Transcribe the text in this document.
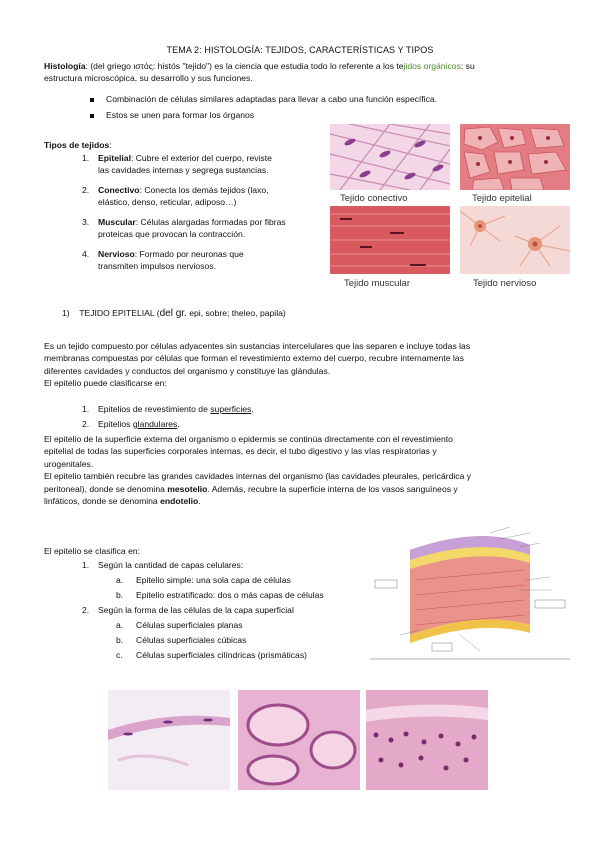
TEMA 2: HISTOLOGÍA: TEJIDOS, CARACTERÍSTICAS Y TIPOS
Histología: (del griego ιστός: histós "tejido") es la ciencia que estudia todo lo referente a los tejidos orgánicos: su
estructura microscópica, su desarrollo y sus funciones.
Combinación de células similares adaptadas para llevar a cabo una función específica.
Estos se unen para formar los órganos
Tipos de tejidos:
1. Epitelial: Cubre el exterior del cuerpo, reviste
las cavidades internas y segrega sustancias.
2. Conectivo: Conecta los demás tejidos (laxo,
elástico, denso, reticular, adiposo…)
3. Muscular: Células alargadas formadas por fibras
proteicas que provocan la contracción.
4. Nervioso: Formado por neuronas que
transmiten impulsos nerviosos.
Tejido conectivo	Tejido epitelial
Tejido muscular	Tejido nervioso
1) TEJIDO EPITELIAL (del gr. epi, sobre; theleo, papila)
Es un tejido compuesto por células adyacentes sin sustancias intercelulares que las separen e incluye todas las
membranas compuestas por células que forman el revestimiento externo del cuerpo, recubre internamente las
diferentes cavidades y conductos del organismo y constituye las glándulas.
El epitelio puede clasificarse en:
1. Epitelios de revestimiento de superficies.
2. Epitelios glandulares.
El epitelio de la superficie externa del organismo o epidermis se continúa directamente con el revestimiento
epitelial de todas las superficies corporales internas, es decir, el tubo digestivo y las vías respiratorias y
urogenitales.
El epitelio también recubre las grandes cavidades internas del organismo (las cavidades pleurales, pericárdica y
peritoneal), donde se denomina mesotelio. Además, recubre la superficie interna de los vasos sanguíneos y
linfáticos, donde se denomina endotelio.
El epitelio se clasifica en:
1. Según la cantidad de capas celulares:
a. Epitelio simple: una sola capa de células
b. Epitelio estratificado: dos o más capas de células
2. Según la forma de las células de la capa superficial
a. Células superficiales planas
b. Células superficiales cúbicas
c. Células superficiales cilíndricas (prismáticas)
